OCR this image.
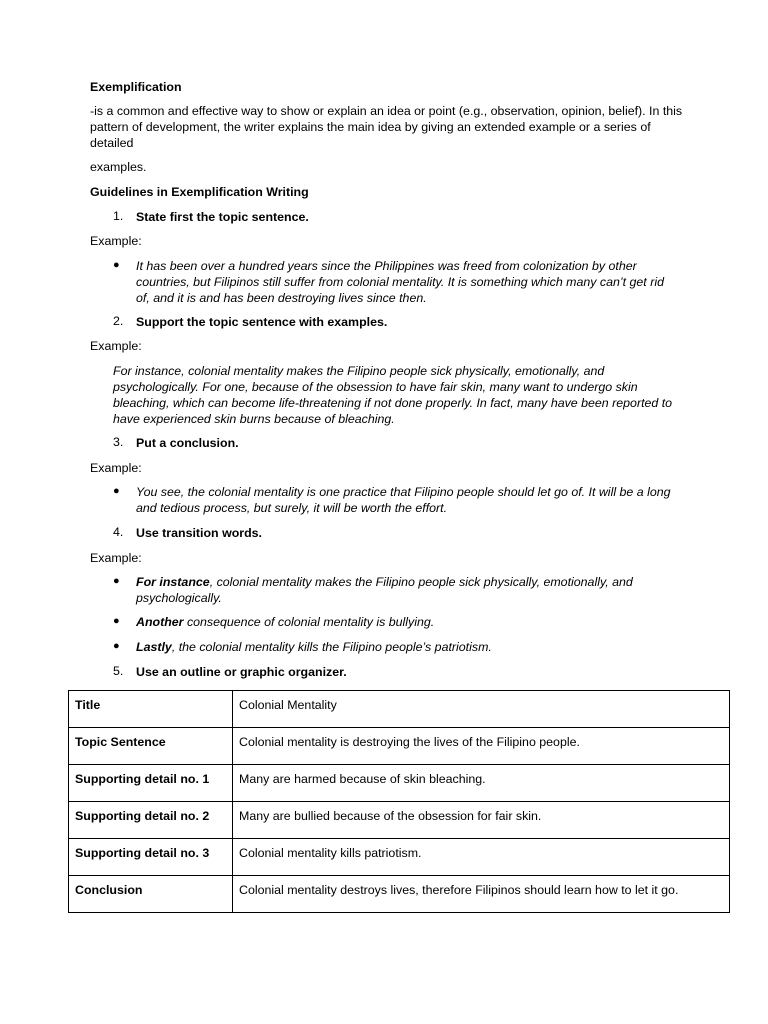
Exemplification
-is a common and effective way to show or explain an idea or point (e.g., observation, opinion, belief). In this pattern of development, the writer explains the main idea by giving an extended example or a series of detailed
examples.
Guidelines in Exemplification Writing
1.	State first the topic sentence.
Example:
● It has been over a hundred years since the Philippines was freed from colonization by other countries, but Filipinos still suffer from colonial mentality. It is something which many can’t get rid of, and it is and has been destroying lives since then.
2.	Support the topic sentence with examples.
Example:
For instance, colonial mentality makes the Filipino people sick physically, emotionally, and psychologically. For one, because of the obsession to have fair skin, many want to undergo skin bleaching, which can become life-threatening if not done properly. In fact, many have been reported to have experienced skin burns because of bleaching.
3.	Put a conclusion.
Example:
● You see, the colonial mentality is one practice that Filipino people should let go of. It will be a long and tedious process, but surely, it will be worth the effort.
4.	Use transition words.
Example:
● For instance, colonial mentality makes the Filipino people sick physically, emotionally, and psychologically.
● Another consequence of colonial mentality is bullying.
● Lastly, the colonial mentality kills the Filipino people’s patriotism.
5.	Use an outline or graphic organizer.
Title	Colonial Mentality
Topic Sentence	Colonial mentality is destroying the lives of the Filipino people.
Supporting detail no. 1	Many are harmed because of skin bleaching.
Supporting detail no. 2	Many are bullied because of the obsession for fair skin.
Supporting detail no. 3	Colonial mentality kills patriotism.
Conclusion	Colonial mentality destroys lives, therefore Filipinos should learn how to let it go.
